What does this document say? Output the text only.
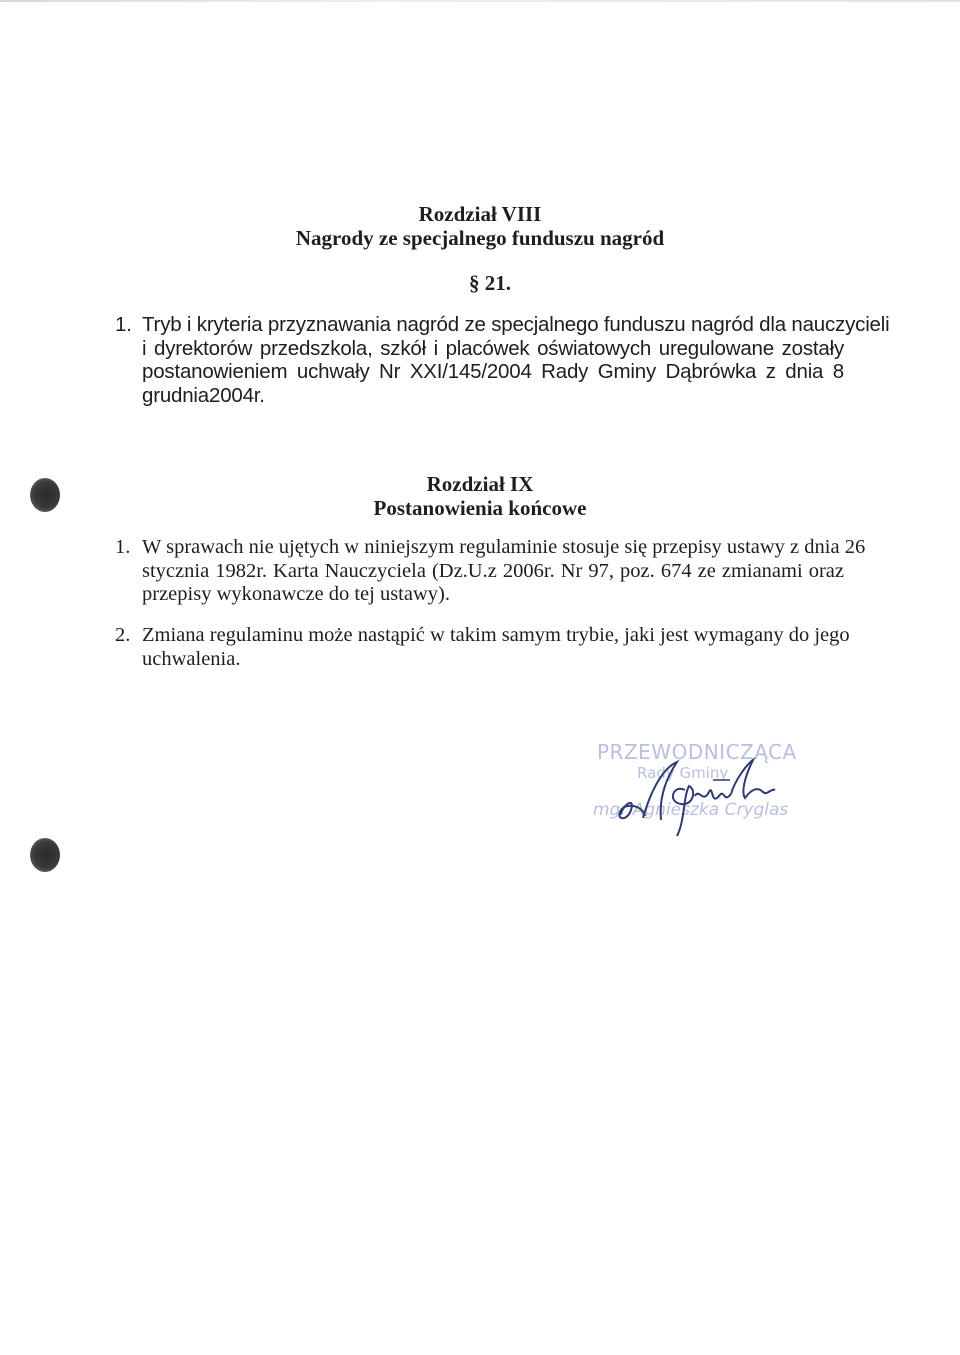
Rozdział VIII
Nagrody ze specjalnego funduszu nagród
§ 21.
1. Tryb i kryteria przyznawania nagród ze specjalnego funduszu nagród dla nauczycieli
i dyrektorów przedszkola, szkół i placówek oświatowych uregulowane zostały
postanowieniem uchwały Nr XXI/145/2004 Rady Gminy Dąbrówka z dnia 8
grudnia2004r.
Rozdział IX
Postanowienia końcowe
1. W sprawach nie ujętych w niniejszym regulaminie stosuje się przepisy ustawy z dnia 26
stycznia 1982r. Karta Nauczyciela (Dz.U.z 2006r. Nr 97, poz. 674 ze zmianami oraz
przepisy wykonawcze do tej ustawy).
2. Zmiana regulaminu może nastąpić w takim samym trybie, jaki jest wymagany do jego
uchwalenia.
PRZEWODNICZĄCA
Rady Gminy
mgr Agnieszka Cryglas
